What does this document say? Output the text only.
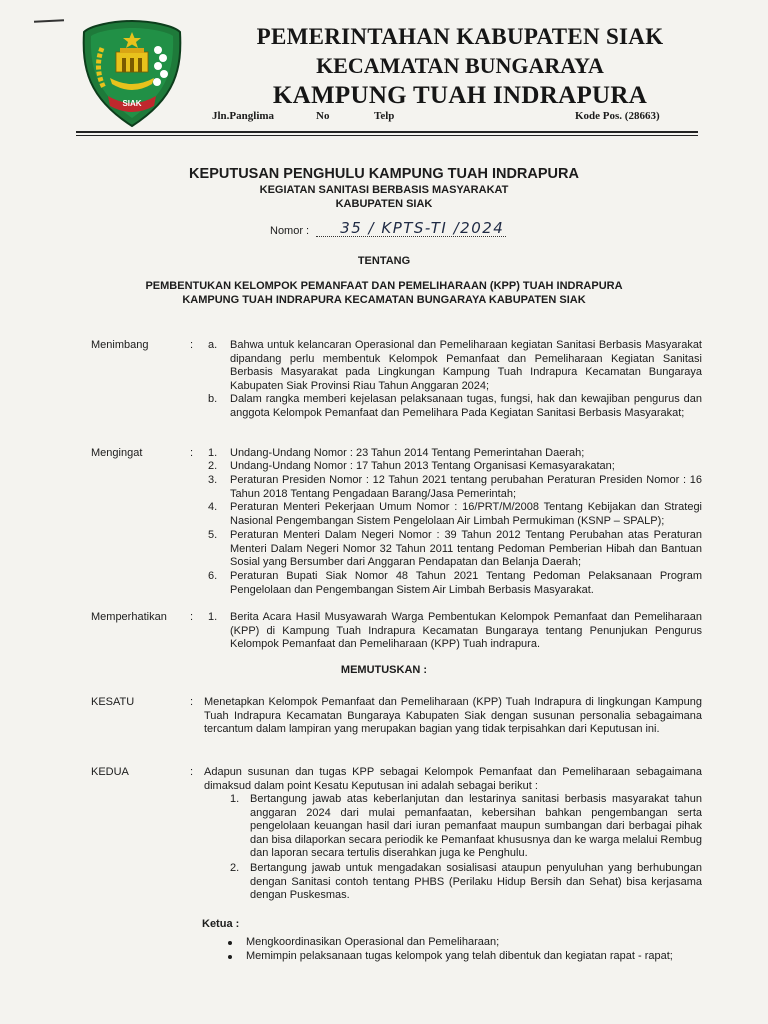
SIAK
PEMERINTAHAN KABUPATEN SIAK
KECAMATAN BUNGARAYA
KAMPUNG TUAH INDRAPURA
Jln.Panglima	No	Telp	Kode Pos. (28663)
KEPUTUSAN PENGHULU KAMPUNG TUAH INDRAPURA
KEGIATAN SANITASI BERBASIS MASYARAKAT
KABUPATEN SIAK
Nomor : 35 / KPTS-TI /2024
TENTANG
PEMBENTUKAN KELOMPOK PEMANFAAT DAN PEMELIHARAAN (KPP) TUAH INDRAPURA
KAMPUNG TUAH INDRAPURA KECAMATAN BUNGARAYA KABUPATEN SIAK
Menimbang	: a. Bahwa untuk kelancaran Operasional dan Pemeliharaan kegiatan Sanitasi Berbasis Masyarakat dipandang perlu membentuk Kelompok Pemanfaat dan Pemeliharaan Kegiatan Sanitasi Berbasis Masyarakat pada Lingkungan Kampung Tuah Indrapura Kecamatan Bungaraya Kabupaten Siak Provinsi Riau Tahun Anggaran 2024;
b. Dalam rangka memberi kejelasan pelaksanaan tugas, fungsi, hak dan kewajiban pengurus dan anggota Kelompok Pemanfaat dan Pemelihara Pada Kegiatan Sanitasi Berbasis Masyarakat;
Mengingat	: 1. Undang-Undang Nomor : 23 Tahun 2014 Tentang Pemerintahan Daerah;
2. Undang-Undang Nomor : 17 Tahun 2013 Tentang Organisasi Kemasyarakatan;
3. Peraturan Presiden Nomor : 12 Tahun 2021 tentang perubahan Peraturan Presiden Nomor : 16 Tahun 2018 Tentang Pengadaan Barang/Jasa Pemerintah;
4. Peraturan Menteri Pekerjaan Umum Nomor : 16/PRT/M/2008 Tentang Kebijakan dan Strategi Nasional Pengembangan Sistem Pengelolaan Air Limbah Permukiman (KSNP – SPALP);
5. Peraturan Menteri Dalam Negeri Nomor : 39 Tahun 2012 Tentang Perubahan atas Peraturan Menteri Dalam Negeri Nomor 32 Tahun 2011 tentang Pedoman Pemberian Hibah dan Bantuan Sosial yang Bersumber dari Anggaran Pendapatan dan Belanja Daerah;
6. Peraturan Bupati Siak Nomor 48 Tahun 2021 Tentang Pedoman Pelaksanaan Program Pengelolaan dan Pengembangan Sistem Air Limbah Berbasis Masyarakat.
Memperhatikan : 1. Berita Acara Hasil Musyawarah Warga Pembentukan Kelompok Pemanfaat dan Pemeliharaan (KPP) di Kampung Tuah Indrapura Kecamatan Bungaraya tentang Penunjukan Pengurus Kelompok Pemanfaat dan Pemeliharaan (KPP) Tuah indrapura.
MEMUTUSKAN :
KESATU	: Menetapkan Kelompok Pemanfaat dan Pemeliharaan (KPP) Tuah Indrapura di lingkungan Kampung Tuah Indrapura Kecamatan Bungaraya Kabupaten Siak dengan susunan personalia sebagaimana tercantum dalam lampiran yang merupakan bagian yang tidak terpisahkan dari Keputusan ini.
KEDUA	: Adapun susunan dan tugas KPP sebagai Kelompok Pemanfaat dan Pemeliharaan sebagaimana dimaksud dalam point Kesatu Keputusan ini adalah sebagai berikut :
1. Bertangung jawab atas keberlanjutan dan lestarinya sanitasi berbasis masyarakat tahun anggaran 2024 dari mulai pemanfaatan, kebersihan bahkan pengembangan serta pengelolaan keuangan hasil dari iuran pemanfaat maupun sumbangan dari berbagai pihak dan bisa dilaporkan secara periodik ke Pemanfaat khususnya dan ke warga melalui Rembug dan laporan secara tertulis diserahkan juga ke Penghulu.
2. Bertangung jawab untuk mengadakan sosialisasi ataupun penyuluhan yang berhubungan dengan Sanitasi contoh tentang PHBS (Perilaku Hidup Bersih dan Sehat) bisa kerjasama dengan Puskesmas.
Ketua :
Mengkoordinasikan Operasional dan Pemeliharaan;
Memimpin pelaksanaan tugas kelompok yang telah dibentuk dan kegiatan rapat - rapat;
